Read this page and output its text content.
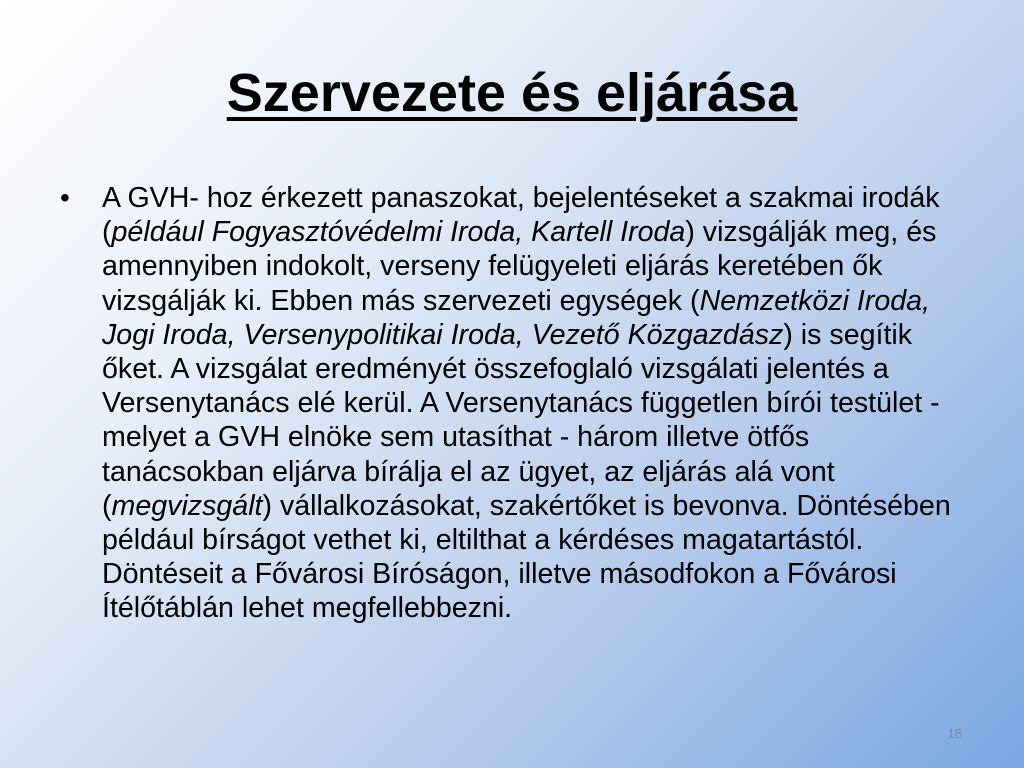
Szervezete és eljárása
•	A GVH- hoz érkezett panaszokat, bejelentéseket a szakmai irodák (például Fogyasztóvédelmi Iroda, Kartell Iroda) vizsgálják meg, és amennyiben indokolt, verseny felügyeleti eljárás keretében ők vizsgálják ki. Ebben más szervezeti egységek (Nemzetközi Iroda, Jogi Iroda, Versenypolitikai Iroda, Vezető Közgazdász) is segítik őket. A vizsgálat eredményét összefoglaló vizsgálati jelentés a Versenytanács elé kerül. A Versenytanács független bírói testület - melyet a GVH elnöke sem utasíthat - három illetve ötfős tanácsokban eljárva bírálja el az ügyet, az eljárás alá vont (megvizsgált) vállalkozásokat, szakértőket is bevonva. Döntésében például bírságot vethet ki, eltilthat a kérdéses magatartástól. Döntéseit a Fővárosi Bíróságon, illetve másodfokon a Fővárosi Ítélőtáblán lehet megfellebbezni.
18
